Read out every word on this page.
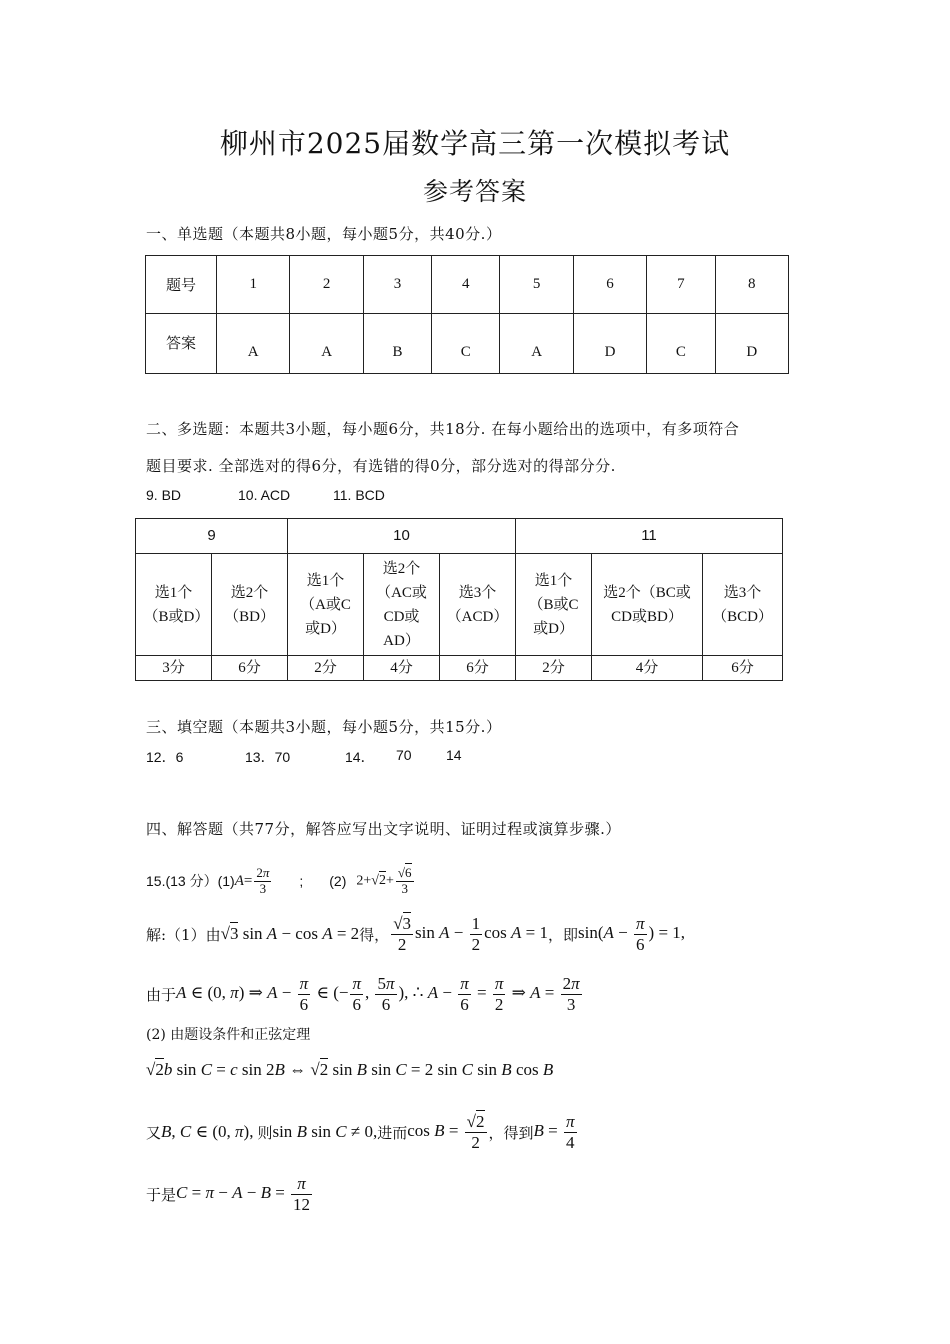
柳州市2025届数学高三第一次模拟考试
参考答案
一、单选题（本题共8小题，每小题5分，共40分.）
题号	1	2	3	4	5	6	7	8
答案	A	A	B	C	A	D	C	D
二、多选题：本题共3小题，每小题6分，共18分. 在每小题给出的选项中，有多项符合
题目要求. 全部选对的得6分，有选错的得0分，部分选对的得部分分.
9. BD	10. ACD	11. BCD
9		10			11		

选1个（B或D）	选2个（BD）	选1个（A或C或D）	选2个（AC或CD或AD）	选3个（ACD）	选1个（B或C或D）	选2个（BC或CD或BD）	选3个（BCD）

3分	6分	2分	4分	6分	2分	4分	6分
三、填空题（本题共3小题，每小题5分，共15分.）
12．6	13．70	14． 70 14
四、解答题（共77分，解答应写出文字说明、证明过程或演算步骤.）
15.(13 分）(1) $A= \frac{2\pi}{3}$ ; (2) $2+√2+ \frac{√6}{3}$
解:（1）由 √3 sin A − cos A = 2 得， $\frac{√3}{2}$ $\sin A - \frac{1}{2}$ cos A = 1 ，即 $\sin(A - \frac{\pi}{6}$ ) = 1,
由于 A ∈ (0, π) ⇒ $A - \frac{\pi}{6}$ ∈ (− $\frac{\pi}{6}$ , $\frac{5\pi}{6}$ ), ∴ $A - \frac{\pi}{6} = \frac{\pi}{2}$ ⇒ $A = \frac{2\pi}{3}$
(2) 由题设条件和正弦定理
√2b sin C = c sin 2B ⇔ √2 sin B sin C = 2 sin C sin B cos B
又 B, C ∈ (0, π), 则 sin B sin C ≠ 0, 进而 $\cos B = \frac{√2}{2}$ ，得到 $B = \frac{\pi}{4}$
于是 $C = \pi - A - B = \frac{\pi}{12}$
